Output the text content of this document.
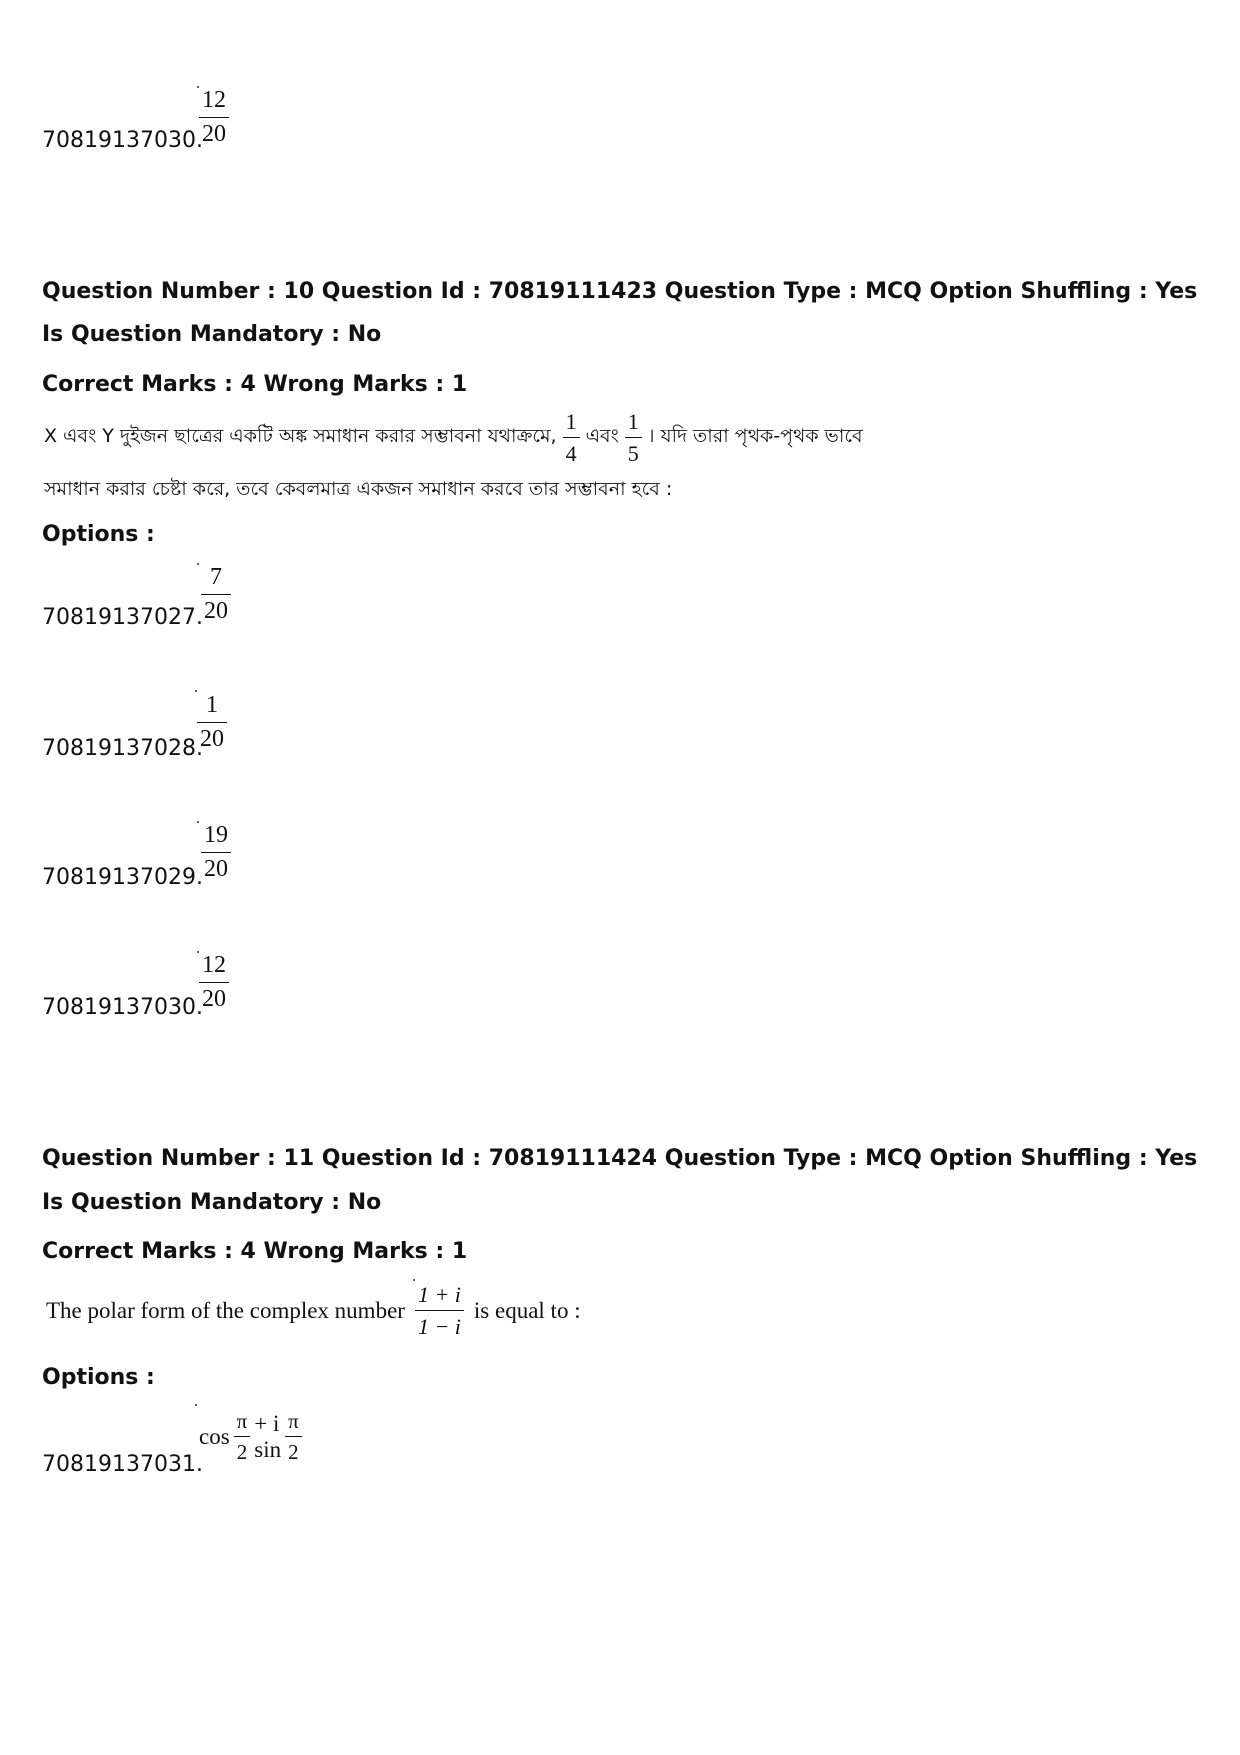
12
20
70819137030.
Question Number : 10 Question Id : 70819111423 Question Type : MCQ Option Shuffling : Yes
Is Question Mandatory : No
Correct Marks : 4 Wrong Marks : 1
X এবং Y দুইজন ছাত্রের একটি অঙ্ক সমাধান করার সম্ভাবনা যথাক্রমে, $\frac{1}{4}$ এবং $\frac{1}{5}$ । যদি তারা পৃথক-পৃথক ভাবে
সমাধান করার চেষ্টা করে, তবে কেবলমাত্র একজন সমাধান করবে তার সম্ভাবনা হবে :
Options :
7
20
70819137027.
1
20
70819137028.
19
20
70819137029.
12
20
70819137030.
Question Number : 11 Question Id : 70819111424 Question Type : MCQ Option Shuffling : Yes
Is Question Mandatory : No
Correct Marks : 4 Wrong Marks : 1
The polar form of the complex number $\frac{1 + i}{1 - i}$ is equal to :
Options :
$\cos \frac{\pi}{2} + i$ $\sin \frac{\pi}{2}$
70819137031.
